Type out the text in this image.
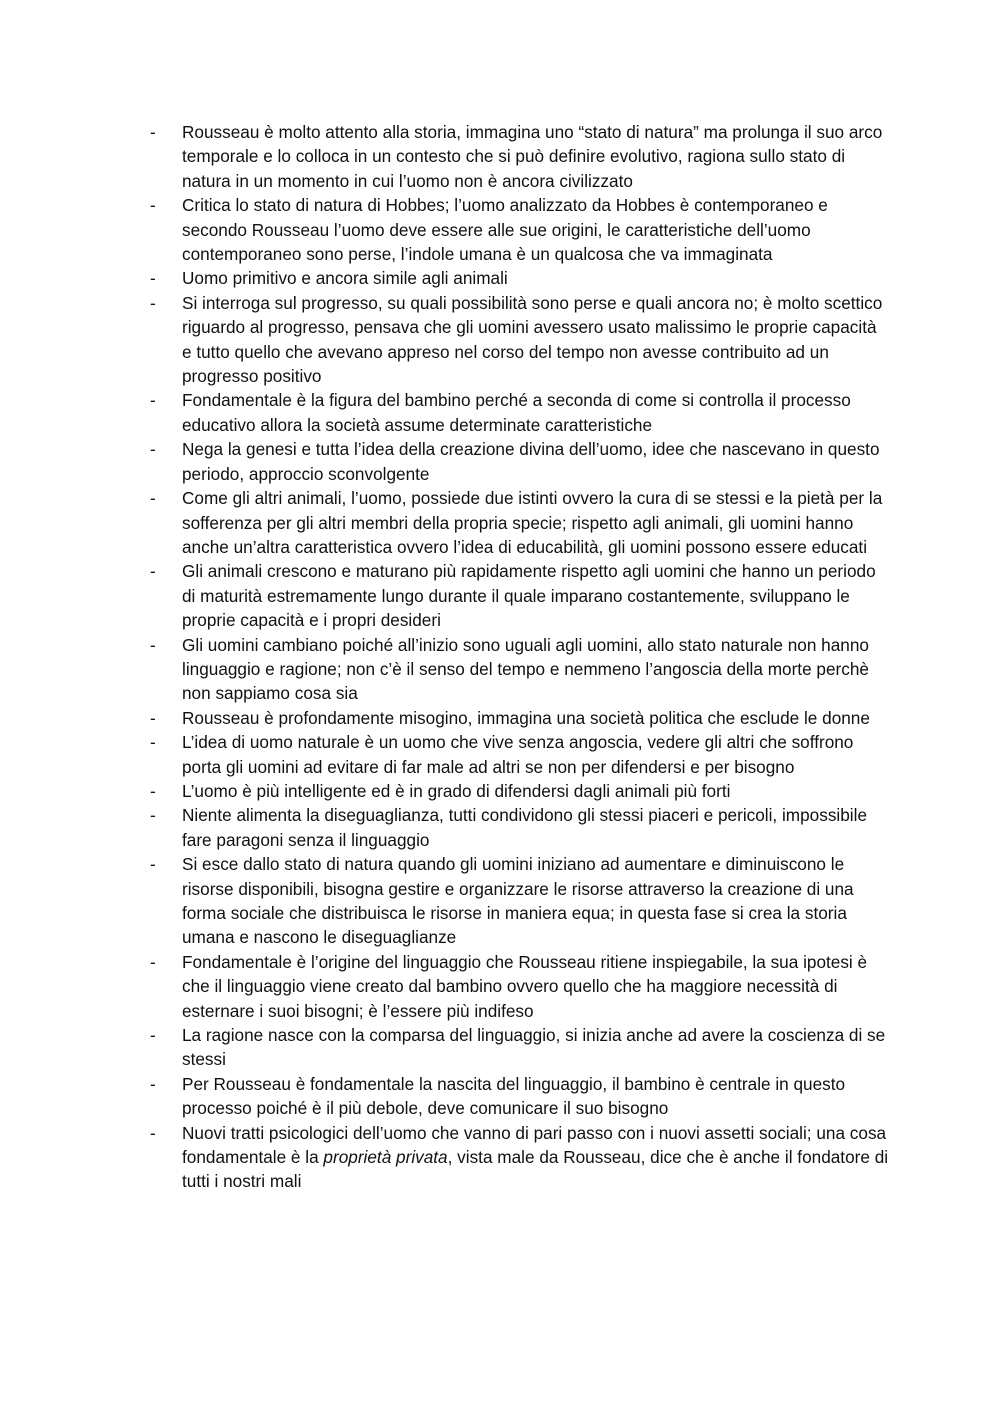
- Rousseau è molto attento alla storia, immagina uno “stato di natura” ma prolunga il suo arco temporale e lo colloca in un contesto che si può definire evolutivo, ragiona sullo stato di natura in un momento in cui l’uomo non è ancora civilizzato
- Critica lo stato di natura di Hobbes; l’uomo analizzato da Hobbes è contemporaneo e secondo Rousseau l’uomo deve essere alle sue origini, le caratteristiche dell’uomo contemporaneo sono perse, l’indole umana è un qualcosa che va immaginata
- Uomo primitivo e ancora simile agli animali
- Si interroga sul progresso, su quali possibilità sono perse e quali ancora no; è molto scettico riguardo al progresso, pensava che gli uomini avessero usato malissimo le proprie capacità e tutto quello che avevano appreso nel corso del tempo non avesse contribuito ad un progresso positivo
- Fondamentale è la figura del bambino perché a seconda di come si controlla il processo educativo allora la società assume determinate caratteristiche
- Nega la genesi e tutta l’idea della creazione divina dell’uomo, idee che nascevano in questo periodo, approccio sconvolgente
- Come gli altri animali, l’uomo, possiede due istinti ovvero la cura di se stessi e la pietà per la sofferenza per gli altri membri della propria specie; rispetto agli animali, gli uomini hanno anche un’altra caratteristica ovvero l’idea di educabilità, gli uomini possono essere educati
- Gli animali crescono e maturano più rapidamente rispetto agli uomini che hanno un periodo di maturità estremamente lungo durante il quale imparano costantemente, sviluppano le proprie capacità e i propri desideri
- Gli uomini cambiano poiché all’inizio sono uguali agli uomini, allo stato naturale non hanno linguaggio e ragione; non c’è il senso del tempo e nemmeno l’angoscia della morte perchè non sappiamo cosa sia
- Rousseau è profondamente misogino, immagina una società politica che esclude le donne
- L’idea di uomo naturale è un uomo che vive senza angoscia, vedere gli altri che soffrono porta gli uomini ad evitare di far male ad altri se non per difendersi e per bisogno
- L’uomo è più intelligente ed è in grado di difendersi dagli animali più forti
- Niente alimenta la diseguaglianza, tutti condividono gli stessi piaceri e pericoli, impossibile fare paragoni senza il linguaggio
- Si esce dallo stato di natura quando gli uomini iniziano ad aumentare e diminuiscono le risorse disponibili, bisogna gestire e organizzare le risorse attraverso la creazione di una forma sociale che distribuisca le risorse in maniera equa; in questa fase si crea la storia umana e nascono le diseguaglianze
- Fondamentale è l’origine del linguaggio che Rousseau ritiene inspiegabile, la sua ipotesi è che il linguaggio viene creato dal bambino ovvero quello che ha maggiore necessità di esternare i suoi bisogni; è l’essere più indifeso
- La ragione nasce con la comparsa del linguaggio, si inizia anche ad avere la coscienza di se stessi
- Per Rousseau è fondamentale la nascita del linguaggio, il bambino è centrale in questo processo poiché è il più debole, deve comunicare il suo bisogno
- Nuovi tratti psicologici dell’uomo che vanno di pari passo con i nuovi assetti sociali; una cosa fondamentale è la proprietà privata, vista male da Rousseau, dice che è anche il fondatore di tutti i nostri mali
